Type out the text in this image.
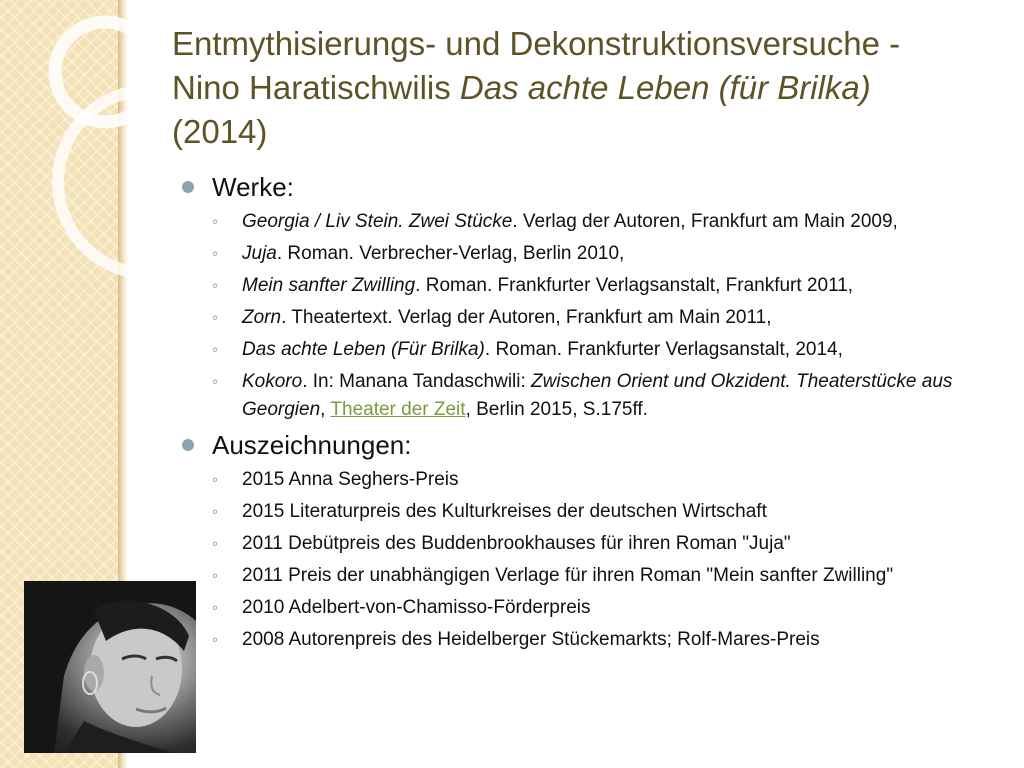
Entmythisierungs- und Dekonstruktionsversuche -
Nino Haratischwilis Das achte Leben (für Brilka)
(2014)
Werke:
◦ Georgia / Liv Stein. Zwei Stücke. Verlag der Autoren, Frankfurt am Main 2009,
◦ Juja. Roman. Verbrecher-Verlag, Berlin 2010,
◦ Mein sanfter Zwilling. Roman. Frankfurter Verlagsanstalt, Frankfurt 2011,
◦ Zorn. Theatertext. Verlag der Autoren, Frankfurt am Main 2011,
◦ Das achte Leben (Für Brilka). Roman. Frankfurter Verlagsanstalt, 2014,
◦ Kokoro. In: Manana Tandaschwili: Zwischen Orient und Okzident. Theaterstücke aus Georgien, Theater der Zeit, Berlin 2015, S.175ff.
Auszeichnungen:
◦ 2015 Anna Seghers-Preis
◦ 2015 Literaturpreis des Kulturkreises der deutschen Wirtschaft
◦ 2011 Debütpreis des Buddenbrookhauses für ihren Roman "Juja"
◦ 2011 Preis der unabhängigen Verlage für ihren Roman "Mein sanfter Zwilling"
◦ 2010 Adelbert-von-Chamisso-Förderpreis
◦ 2008 Autorenpreis des Heidelberger Stückemarkts; Rolf-Mares-Preis
